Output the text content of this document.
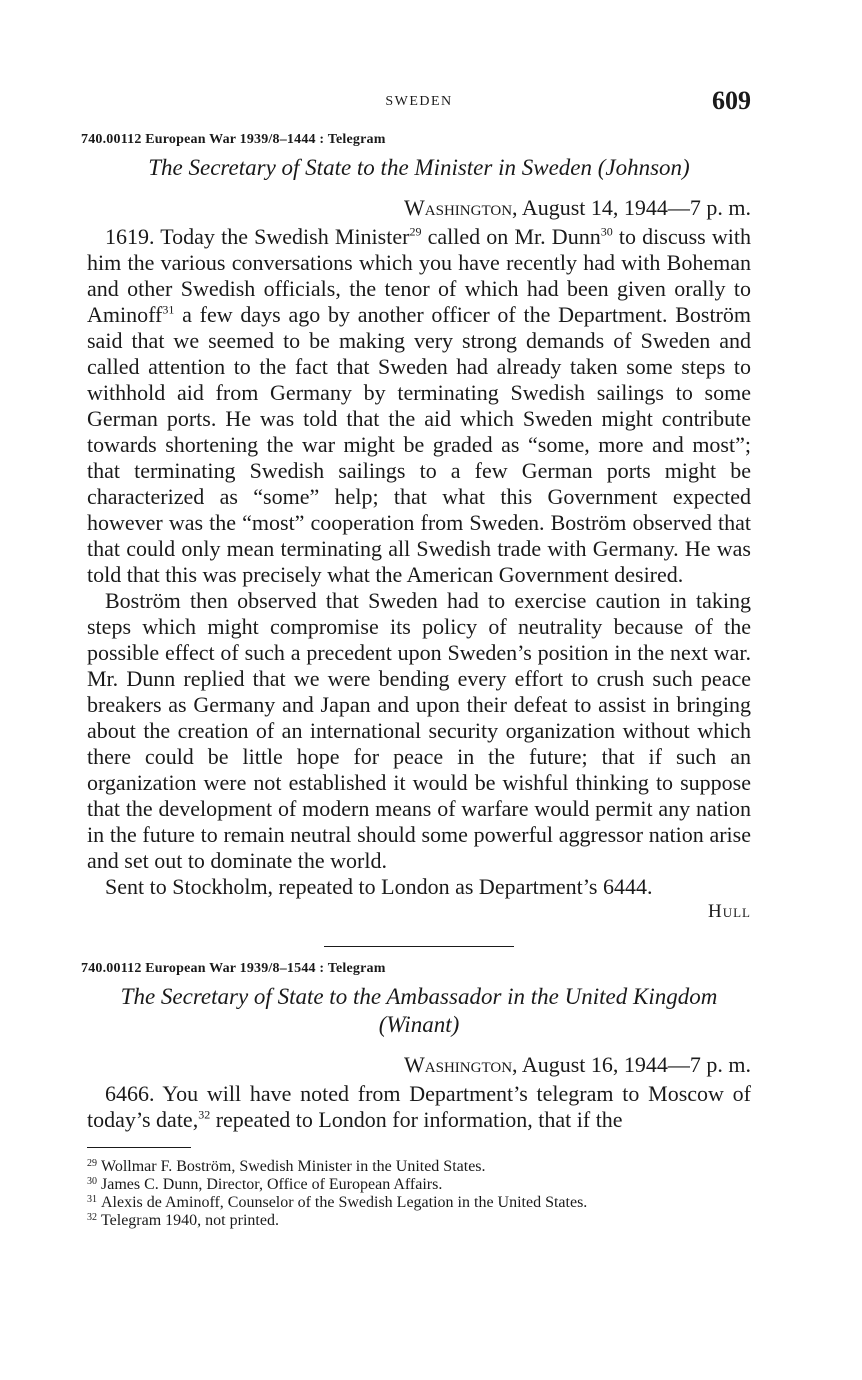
SWEDEN	609
740.00112 European War 1939/8–1444 : Telegram
The Secretary of State to the Minister in Sweden (Johnson)
Washington, August 14, 1944—7 p. m.

1619. Today the Swedish Minister$^{29}$ called on Mr. Dunn$^{30}$ to discuss with him the various conversations which you have recently had with Boheman and other Swedish officials, the tenor of which had been given orally to Aminoff$^{31}$ a few days ago by another officer of the Department. Boström said that we seemed to be making very strong demands of Sweden and called attention to the fact that Sweden had already taken some steps to withhold aid from Germany by terminating Swedish sailings to some German ports. He was told that the aid which Sweden might contribute towards shortening the war might be graded as “some, more and most”; that terminating Swedish sailings to a few German ports might be characterized as “some” help; that what this Government expected however was the “most” cooperation from Sweden. Boström observed that that could only mean terminating all Swedish trade with Germany. He was told that this was precisely what the American Government desired.

Boström then observed that Sweden had to exercise caution in taking steps which might compromise its policy of neutrality because of the possible effect of such a precedent upon Sweden’s position in the next war. Mr. Dunn replied that we were bending every effort to crush such peace breakers as Germany and Japan and upon their defeat to assist in bringing about the creation of an international security organization without which there could be little hope for peace in the future; that if such an organization were not established it would be wishful thinking to suppose that the development of modern means of warfare would permit any nation in the future to remain neutral should some powerful aggressor nation arise and set out to dominate the world.

Sent to Stockholm, repeated to London as Department’s 6444.

Hull
740.00112 European War 1939/8–1544 : Telegram
The Secretary of State to the Ambassador in the United Kingdom (Winant)
Washington, August 16, 1944—7 p. m.

6466. You will have noted from Department’s telegram to Moscow of today’s date,$^{32}$ repeated to London for information, that if the

29 Wollmar F. Boström, Swedish Minister in the United States.
30 James C. Dunn, Director, Office of European Affairs.
31 Alexis de Aminoff, Counselor of the Swedish Legation in the United States.
32 Telegram 1940, not printed.
